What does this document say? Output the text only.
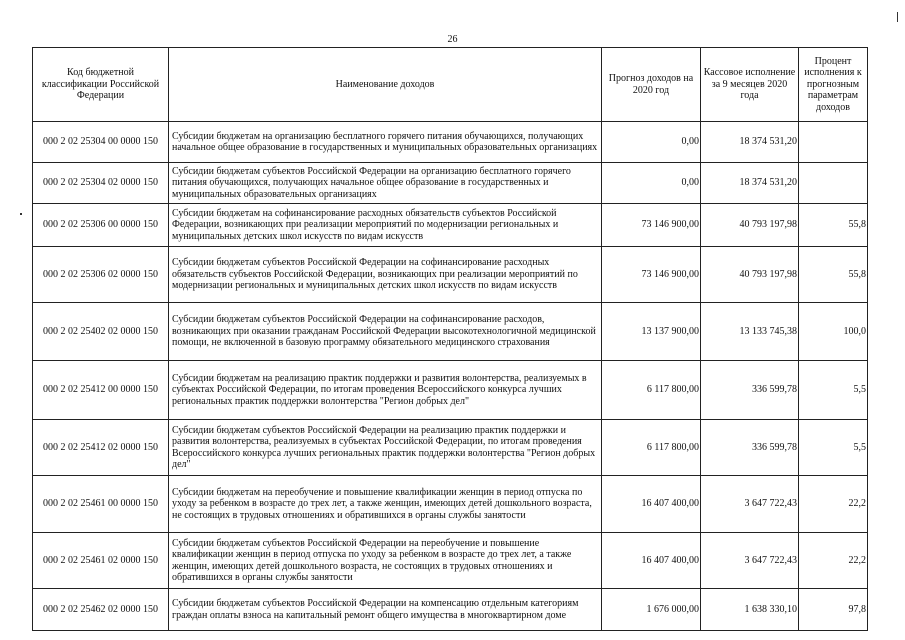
26
Код бюджетной классификации Российской Федерации	Наименование доходов	Прогноз доходов на 2020 год	Кассовое исполнение за 9 месяцев 2020 года	Процент исполнения к прогнозным параметрам доходов
000 2 02 25304 00 0000 150	Субсидии бюджетам на организацию бесплатного горячего питания обучающихся, получающих начальное общее образование в государственных и муниципальных образовательных организациях	0,00	18 374 531,20	
000 2 02 25304 02 0000 150	Субсидии бюджетам субъектов Российской Федерации на организацию бесплатного горячего питания обучающихся, получающих начальное общее образование в государственных и муниципальных образовательных организациях	0,00	18 374 531,20	
000 2 02 25306 00 0000 150	Субсидии бюджетам на софинансирование расходных обязательств субъектов Российской Федерации, возникающих при реализации мероприятий по модернизации региональных и муниципальных детских школ искусств по видам искусств	73 146 900,00	40 793 197,98	55,8
000 2 02 25306 02 0000 150	Субсидии бюджетам субъектов Российской Федерации на софинансирование расходных обязательств субъектов Российской Федерации, возникающих при реализации мероприятий по модернизации региональных и муниципальных детских школ искусств по видам искусств	73 146 900,00	40 793 197,98	55,8
000 2 02 25402 02 0000 150	Субсидии бюджетам субъектов Российской Федерации на софинансирование расходов, возникающих при оказании гражданам Российской Федерации высокотехнологичной медицинской помощи, не включенной в базовую программу обязательного медицинского страхования	13 137 900,00	13 133 745,38	100,0
000 2 02 25412 00 0000 150	Субсидии бюджетам на реализацию практик поддержки и развития волонтерства, реализуемых в субъектах Российской Федерации, по итогам проведения Всероссийского конкурса лучших региональных практик поддержки волонтерства "Регион добрых дел"	6 117 800,00	336 599,78	5,5
000 2 02 25412 02 0000 150	Субсидии бюджетам субъектов Российской Федерации на реализацию практик поддержки и развития волонтерства, реализуемых в субъектах Российской Федерации, по итогам проведения Всероссийского конкурса лучших региональных практик поддержки волонтерства "Регион добрых дел"	6 117 800,00	336 599,78	5,5
000 2 02 25461 00 0000 150	Субсидии бюджетам на переобучение и повышение квалификации женщин в период отпуска по уходу за ребенком в возрасте до трех лет, а также женщин, имеющих детей дошкольного возраста, не состоящих в трудовых отношениях и обратившихся в органы службы занятости	16 407 400,00	3 647 722,43	22,2
000 2 02 25461 02 0000 150	Субсидии бюджетам субъектов Российской Федерации на переобучение и повышение квалификации женщин в период отпуска по уходу за ребенком в возрасте до трех лет, а также женщин, имеющих детей дошкольного возраста, не состоящих в трудовых отношениях и обратившихся в органы службы занятости	16 407 400,00	3 647 722,43	22,2
000 2 02 25462 02 0000 150	Субсидии бюджетам субъектов Российской Федерации на компенсацию отдельным категориям граждан оплаты взноса на капитальный ремонт общего имущества в многоквартирном доме	1 676 000,00	1 638 330,10	97,8
